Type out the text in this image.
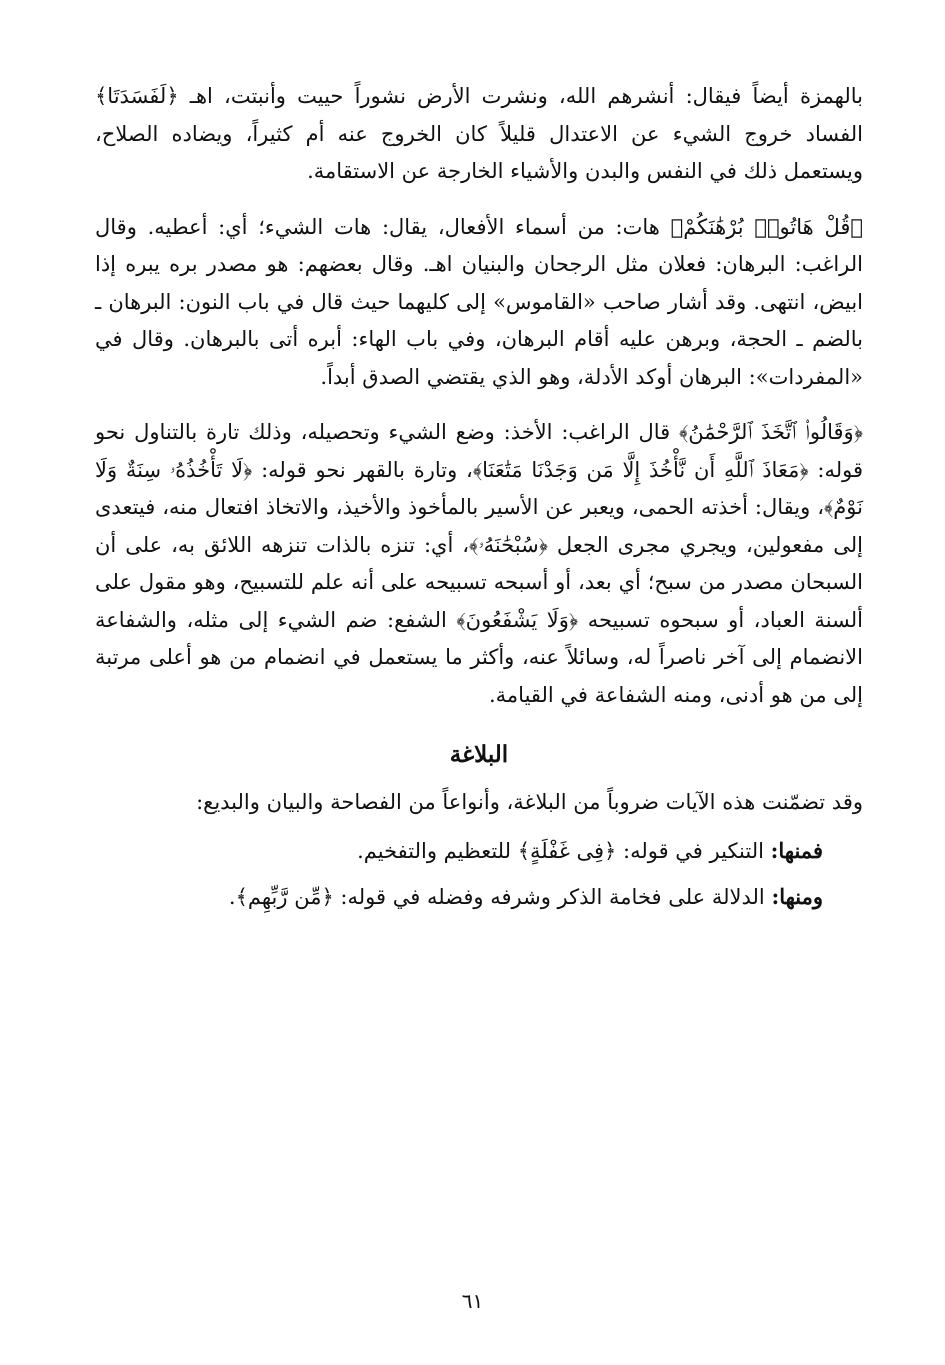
بالهمزة أيضاً فيقال: أنشرهم الله، ونشرت الأرض نشوراً حييت وأنبتت، اهـ ﴿لَفَسَدَتَا﴾ الفساد خروج الشيء عن الاعتدال قليلاً كان الخروج عنه أم كثيراً، ويضاده الصلاح، ويستعمل ذلك في النفس والبدن والأشياء الخارجة عن الاستقامة.

﴿قُلْ هَاتُوا۟ بُرْهَٰنَكُمْ﴾ هات: من أسماء الأفعال، يقال: هات الشيء؛ أي: أعطيه. وقال الراغب: البرهان: فعلان مثل الرجحان والبنيان اهـ. وقال بعضهم: هو مصدر بره يبره إذا ابيض، انتهى. وقد أشار صاحب «القاموس» إلى كليهما حيث قال في باب النون: البرهان ـ بالضم ـ الحجة، وبرهن عليه أقام البرهان، وفي باب الهاء: أبره أتى بالبرهان. وقال في «المفردات»: البرهان أوكد الأدلة، وهو الذي يقتضي الصدق أبداً.

﴿وَقَالُوا۟ ٱتَّخَذَ ٱلرَّحْمَٰنُ﴾ قال الراغب: الأخذ: وضع الشيء وتحصيله، وذلك تارة بالتناول نحو قوله: ﴿مَعَاذَ ٱللَّهِ أَن نَّأْخُذَ إِلَّا مَن وَجَدْنَا مَتَٰعَنَا﴾، وتارة بالقهر نحو قوله: ﴿لَا تَأْخُذُهُۥ سِنَةٌ وَلَا نَوْمٌ﴾، ويقال: أخذته الحمى، ويعبر عن الأسير بالمأخوذ والأخيذ، والاتخاذ افتعال منه، فيتعدى إلى مفعولين، ويجري مجرى الجعل ﴿سُبْحَٰنَهُۥ﴾، أي: تنزه بالذات تنزهه اللائق به، على أن السبحان مصدر من سبح؛ أي بعد، أو أسبحه تسبيحه على أنه علم للتسبيح، وهو مقول على ألسنة العباد، أو سبحوه تسبيحه ﴿وَلَا يَشْفَعُونَ﴾ الشفع: ضم الشيء إلى مثله، والشفاعة الانضمام إلى آخر ناصراً له، وسائلاً عنه، وأكثر ما يستعمل في انضمام من هو أعلى مرتبة إلى من هو أدنى، ومنه الشفاعة في القيامة.

البلاغة

وقد تضمّنت هذه الآيات ضروباً من البلاغة، وأنواعاً من الفصاحة والبيان والبديع:

فمنها: التنكير في قوله: ﴿فِى غَفْلَةٍ﴾ للتعظيم والتفخيم.

ومنها: الدلالة على فخامة الذكر وشرفه وفضله في قوله: ﴿مِّن رَّبِّهِم﴾.

٦١
